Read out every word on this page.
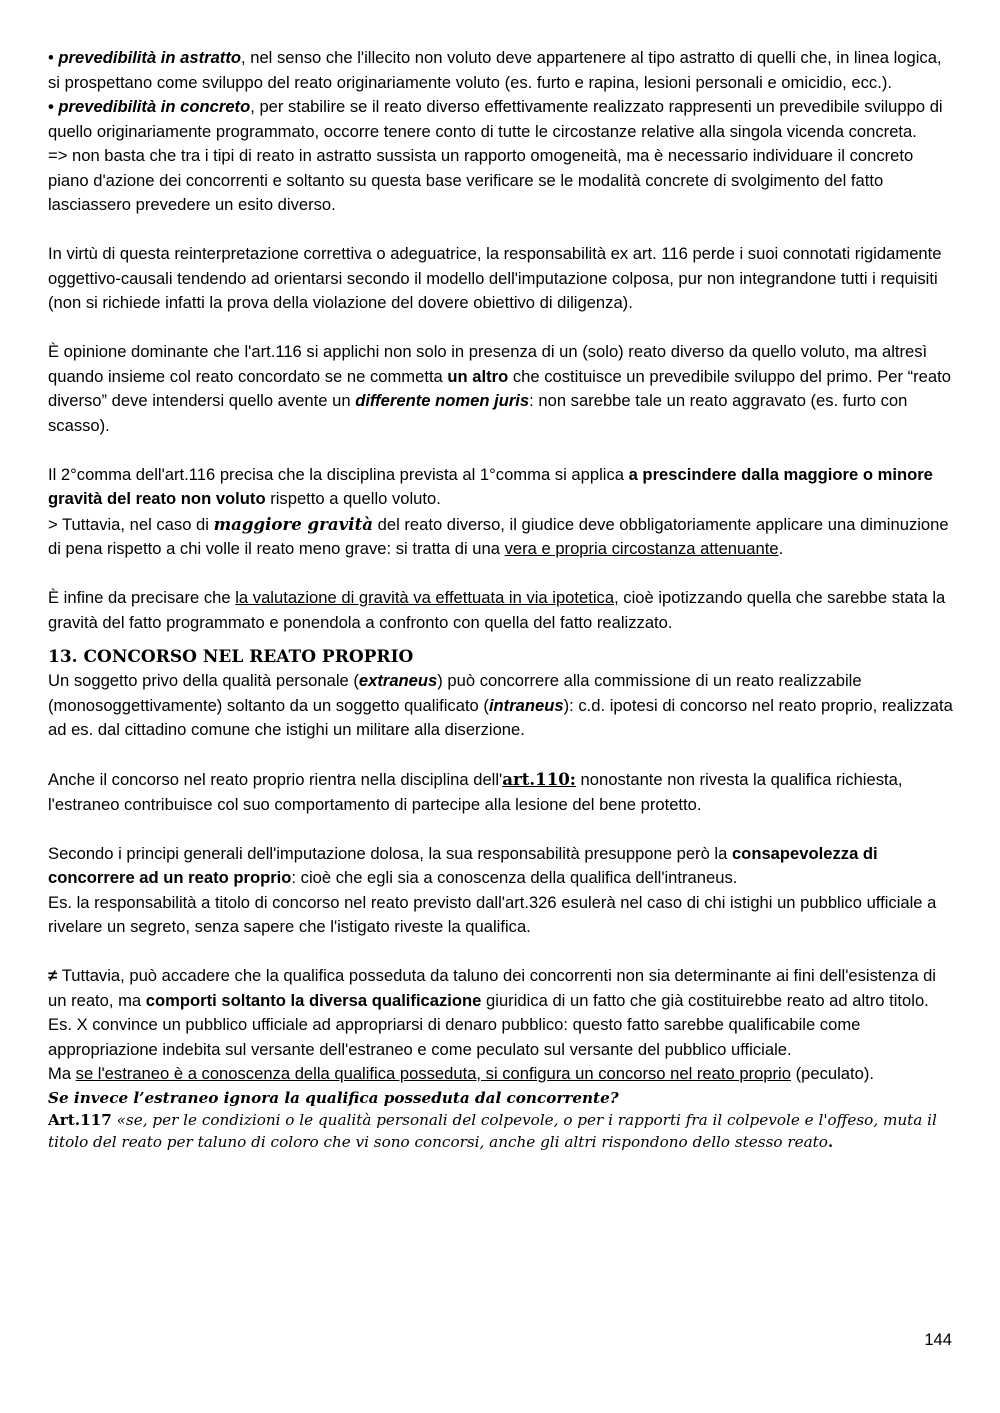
• prevedibilità in astratto, nel senso che l'illecito non voluto deve appartenere al tipo astratto di quelli che, in linea logica, si prospettano come sviluppo del reato originariamente voluto (es. furto e rapina, lesioni personali e omicidio, ecc.).

• prevedibilità in concreto, per stabilire se il reato diverso effettivamente realizzato rappresenti un prevedibile sviluppo di quello originariamente programmato, occorre tenere conto di tutte le circostanze relative alla singola vicenda concreta.

=> non basta che tra i tipi di reato in astratto sussista un rapporto omogeneità, ma è necessario individuare il concreto piano d'azione dei concorrenti e soltanto su questa base verificare se le modalità concrete di svolgimento del fatto lasciassero prevedere un esito diverso.

In virtù di questa reinterpretazione correttiva o adeguatrice, la responsabilità ex art. 116 perde i suoi connotati rigidamente oggettivo-causali tendendo ad orientarsi secondo il modello dell'imputazione colposa, pur non integrandone tutti i requisiti (non si richiede infatti la prova della violazione del dovere obiettivo di diligenza).

È opinione dominante che l'art.116 si applichi non solo in presenza di un (solo) reato diverso da quello voluto, ma altresì quando insieme col reato concordato se ne commetta un altro che costituisce un prevedibile sviluppo del primo. Per “reato diverso” deve intendersi quello avente un differente nomen juris: non sarebbe tale un reato aggravato (es. furto con scasso).

Il 2°comma dell'art.116 precisa che la disciplina prevista al 1°comma si applica a prescindere dalla maggiore o minore gravità del reato non voluto rispetto a quello voluto.

> Tuttavia, nel caso di maggiore gravità del reato diverso, il giudice deve obbligatoriamente applicare una diminuzione di pena rispetto a chi volle il reato meno grave: si tratta di una vera e propria circostanza attenuante.

È infine da precisare che la valutazione di gravità va effettuata in via ipotetica, cioè ipotizzando quella che sarebbe stata la gravità del fatto programmato e ponendola a confronto con quella del fatto realizzato.

13. CONCORSO NEL REATO PROPRIO

Un soggetto privo della qualità personale (extraneus) può concorrere alla commissione di un reato realizzabile (monosoggettivamente) soltanto da un soggetto qualificato (intraneus): c.d. ipotesi di concorso nel reato proprio, realizzata ad es. dal cittadino comune che istighi un militare alla diserzione.

Anche il concorso nel reato proprio rientra nella disciplina dell'art.110: nonostante non rivesta la qualifica richiesta, l'estraneo contribuisce col suo comportamento di partecipe alla lesione del bene protetto.

Secondo i principi generali dell'imputazione dolosa, la sua responsabilità presuppone però la consapevolezza di concorrere ad un reato proprio: cioè che egli sia a conoscenza della qualifica dell'intraneus.

Es. la responsabilità a titolo di concorso nel reato previsto dall'art.326 esulerà nel caso di chi istighi un pubblico ufficiale a rivelare un segreto, senza sapere che l'istigato riveste la qualifica.

≠ Tuttavia, può accadere che la qualifica posseduta da taluno dei concorrenti non sia determinante ai fini dell'esistenza di un reato, ma comporti soltanto la diversa qualificazione giuridica di un fatto che già costituirebbe reato ad altro titolo.

Es. X convince un pubblico ufficiale ad appropriarsi di denaro pubblico: questo fatto sarebbe qualificabile come appropriazione indebita sul versante dell'estraneo e come peculato sul versante del pubblico ufficiale.

Ma se l'estraneo è a conoscenza della qualifica posseduta, si configura un concorso nel reato proprio (peculato).

Se invece l’estraneo ignora la qualifica posseduta dal concorrente?

Art.117 «se, per le condizioni o le qualità personali del colpevole, o per i rapporti fra il colpevole e l'offeso, muta il titolo del reato per taluno di coloro che vi sono concorsi, anche gli altri rispondono dello stesso reato.

144
